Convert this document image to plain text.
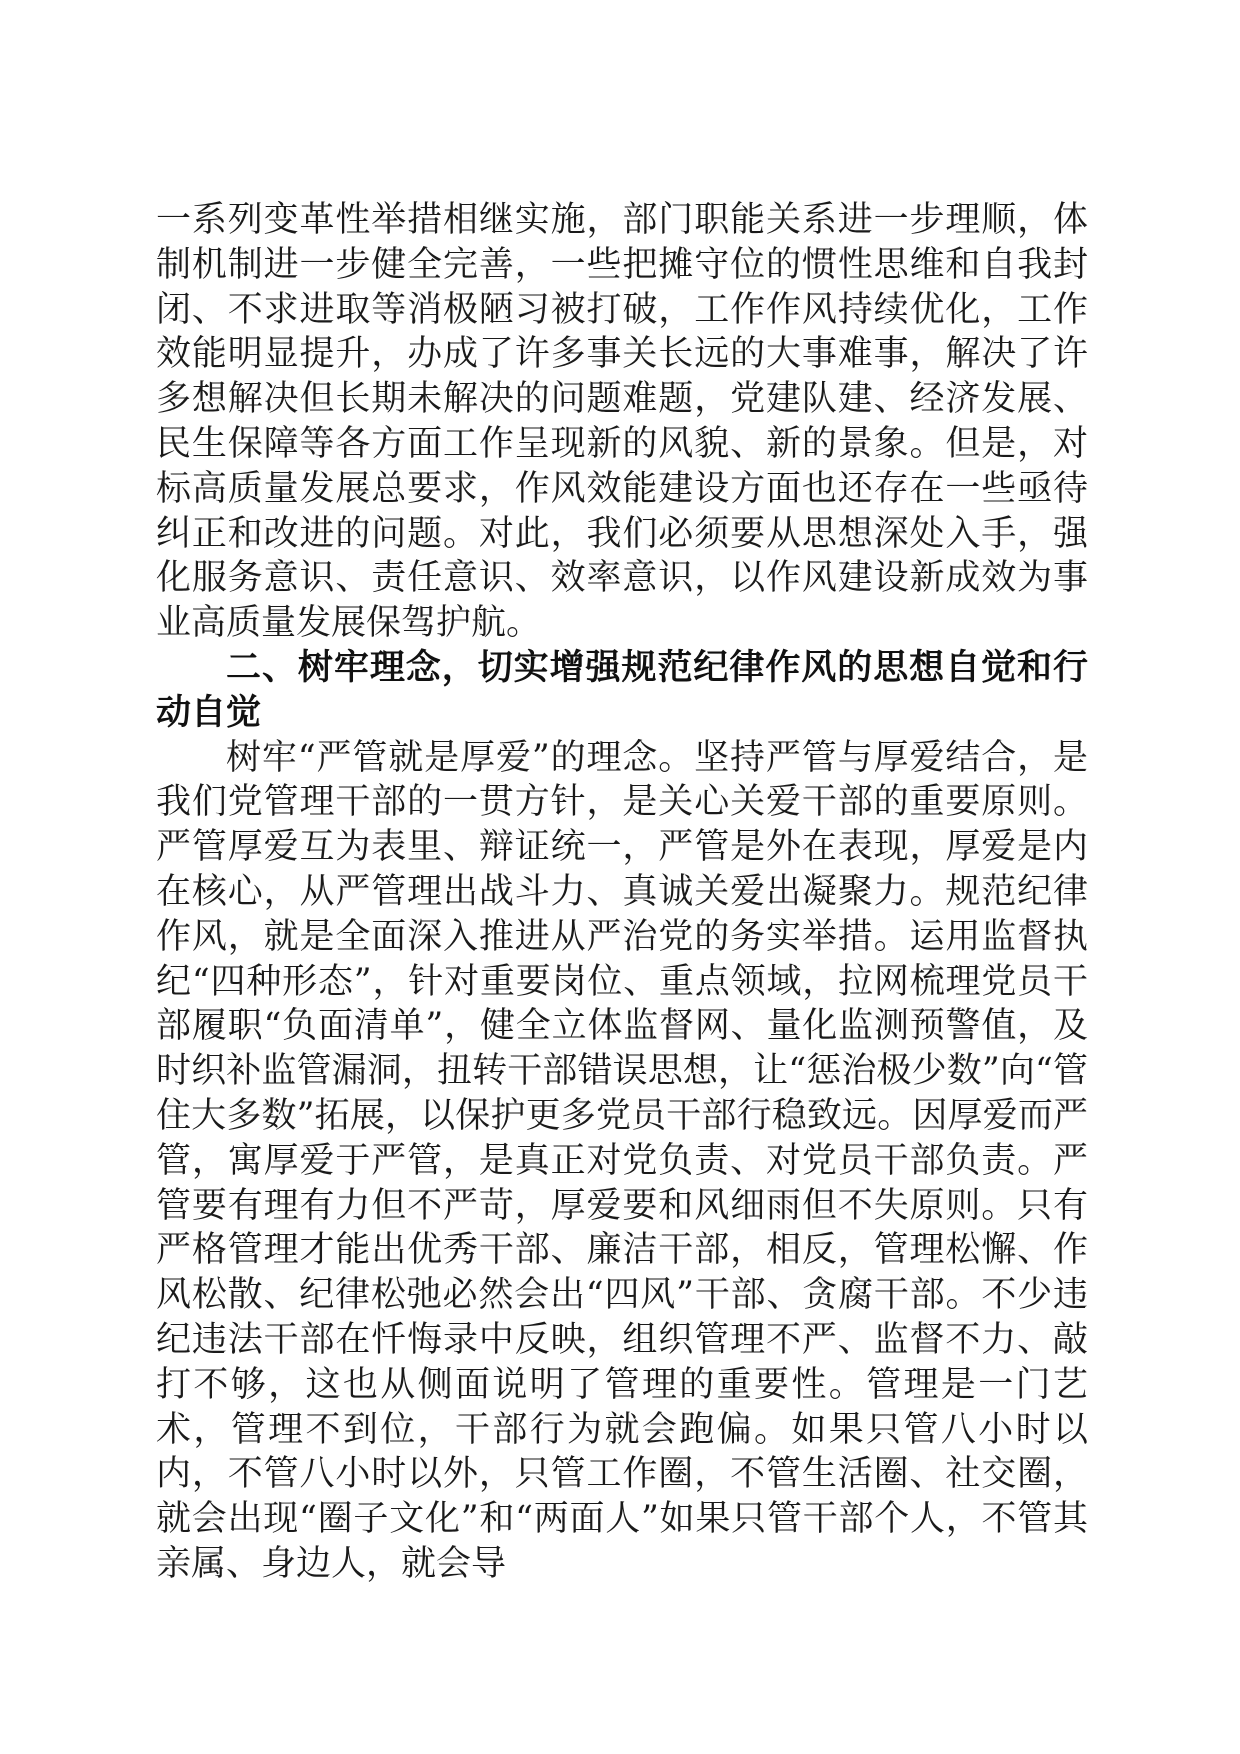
一系列变革性举措相继实施，部门职能关系进一步理顺，体制机制进一步健全完善，一些把摊守位的惯性思维和自我封闭、不求进取等消极陋习被打破，工作作风持续优化，工作效能明显提升，办成了许多事关长远的大事难事，解决了许多想解决但长期未解决的问题难题，党建队建、经济发展、民生保障等各方面工作呈现新的风貌、新的景象。但是，对标高质量发展总要求，作风效能建设方面也还存在一些亟待纠正和改进的问题。对此，我们必须要从思想深处入手，强化服务意识、责任意识、效率意识，以作风建设新成效为事业高质量发展保驾护航。

二、树牢理念，切实增强规范纪律作风的思想自觉和行动自觉

树牢“严管就是厚爱”的理念。坚持严管与厚爱结合，是我们党管理干部的一贯方针，是关心关爱干部的重要原则。严管厚爱互为表里、辩证统一，严管是外在表现，厚爱是内在核心，从严管理出战斗力、真诚关爱出凝聚力。规范纪律作风，就是全面深入推进从严治党的务实举措。运用监督执纪“四种形态”，针对重要岗位、重点领域，拉网梳理党员干部履职“负面清单”，健全立体监督网、量化监测预警值，及时织补监管漏洞，扭转干部错误思想，让“惩治极少数”向“管住大多数”拓展，以保护更多党员干部行稳致远。因厚爱而严管，寓厚爱于严管，是真正对党负责、对党员干部负责。严管要有理有力但不严苛，厚爱要和风细雨但不失原则。只有严格管理才能出优秀干部、廉洁干部，相反，管理松懈、作风松散、纪律松弛必然会出“四风”干部、贪腐干部。不少违纪违法干部在忏悔录中反映，组织管理不严、监督不力、敲打不够，这也从侧面说明了管理的重要性。管理是一门艺术，管理不到位，干部行为就会跑偏。如果只管八小时以内，不管八小时以外，只管工作圈，不管生活圈、社交圈，就会出现“圈子文化”和“两面人”如果只管干部个人，不管其亲属、身边人，就会导
